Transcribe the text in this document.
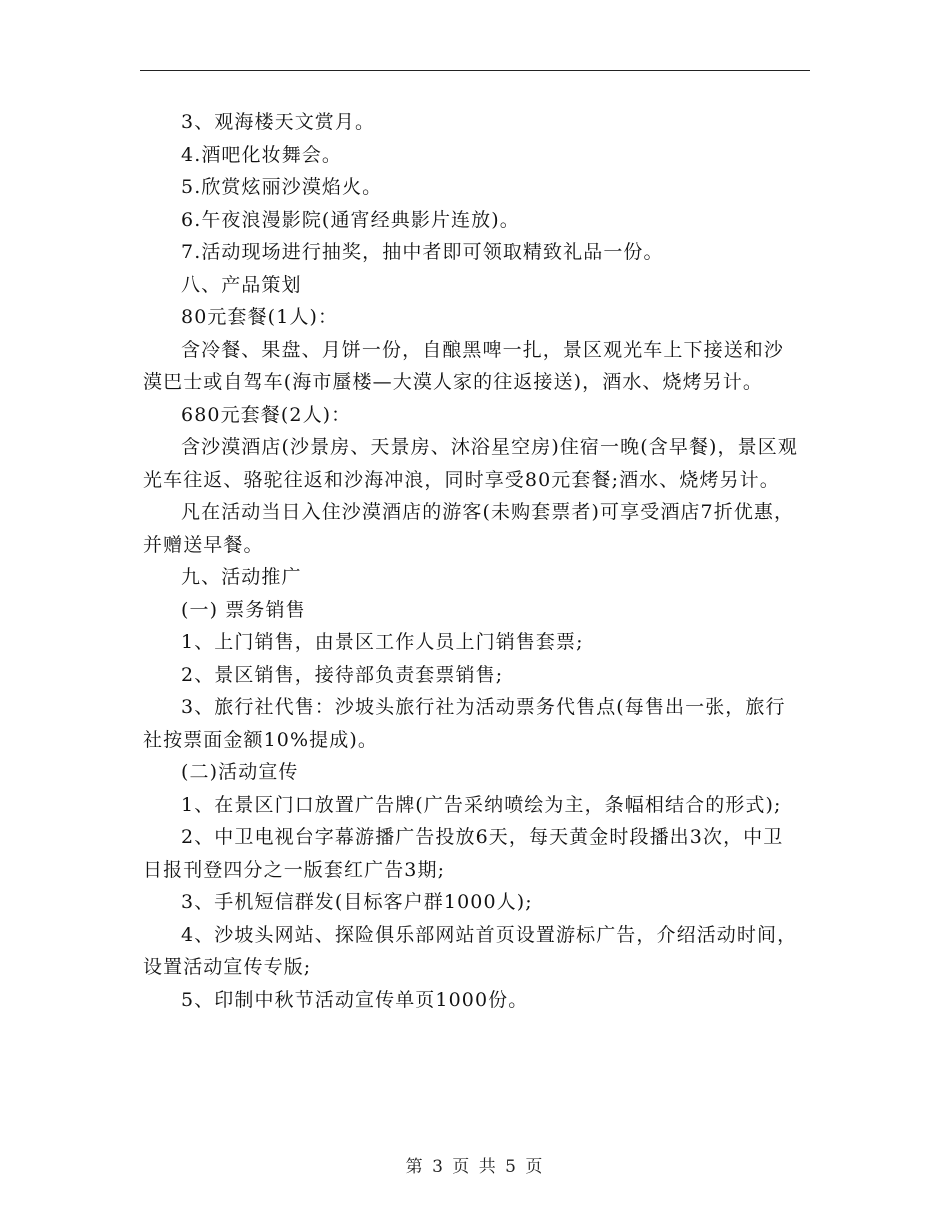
3、观海楼天文赏月。

4.酒吧化妆舞会。

5.欣赏炫丽沙漠焰火。

6.午夜浪漫影院(通宵经典影片连放)。

7.活动现场进行抽奖，抽中者即可领取精致礼品一份。

八、产品策划

80元套餐(1人)：

含冷餐、果盘、月饼一份，自酿黑啤一扎，景区观光车上下接送和沙漠巴士或自驾车(海市蜃楼—大漠人家的往返接送)，酒水、烧烤另计。

680元套餐(2人)：

含沙漠酒店(沙景房、天景房、沐浴星空房)住宿一晚(含早餐)，景区观光车往返、骆驼往返和沙海冲浪，同时享受80元套餐;酒水、烧烤另计。

凡在活动当日入住沙漠酒店的游客(未购套票者)可享受酒店7折优惠，并赠送早餐。

九、活动推广

(一) 票务销售

1、上门销售，由景区工作人员上门销售套票;

2、景区销售，接待部负责套票销售;

3、旅行社代售：沙坡头旅行社为活动票务代售点(每售出一张，旅行社按票面金额10%提成)。

(二)活动宣传

1、在景区门口放置广告牌(广告采纳喷绘为主，条幅相结合的形式);

2、中卫电视台字幕游播广告投放6天，每天黄金时段播出3次，中卫日报刊登四分之一版套红广告3期;

3、手机短信群发(目标客户群1000人);

4、沙坡头网站、探险俱乐部网站首页设置游标广告，介绍活动时间，设置活动宣传专版;

5、印制中秋节活动宣传单页1000份。

第 3 页 共 5 页
